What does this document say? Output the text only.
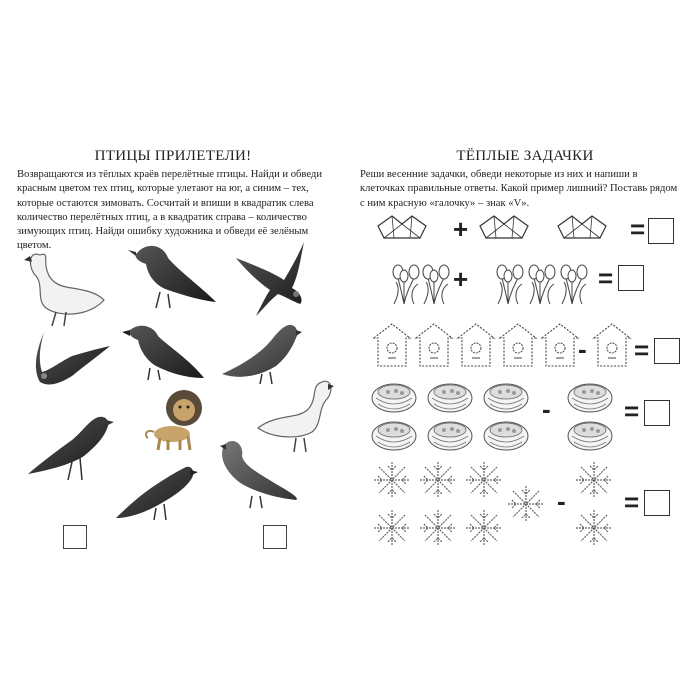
ПТИЦЫ ПРИЛЕТЕЛИ!
Возвращаются из тёплых краёв перелётные птицы. Найди и обведи красным цветом тех птиц, которые улетают на юг, а синим – тех, которые остаются зимовать. Сосчитай и впиши в квадратик слева количество перелётных птиц, а в квадратик справа – количество зимующих птиц. Найди ошибку художника и обведи её зелёным цветом.
ТЁПЛЫЕ ЗАДАЧКИ
Реши весенние задачки, обведи некоторые из них и напиши в клеточках правильные ответы. Какой пример лишний? Поставь рядом с ним красную «галочку» – знак «V».
+	=
+	=
- =
-	=
- =
